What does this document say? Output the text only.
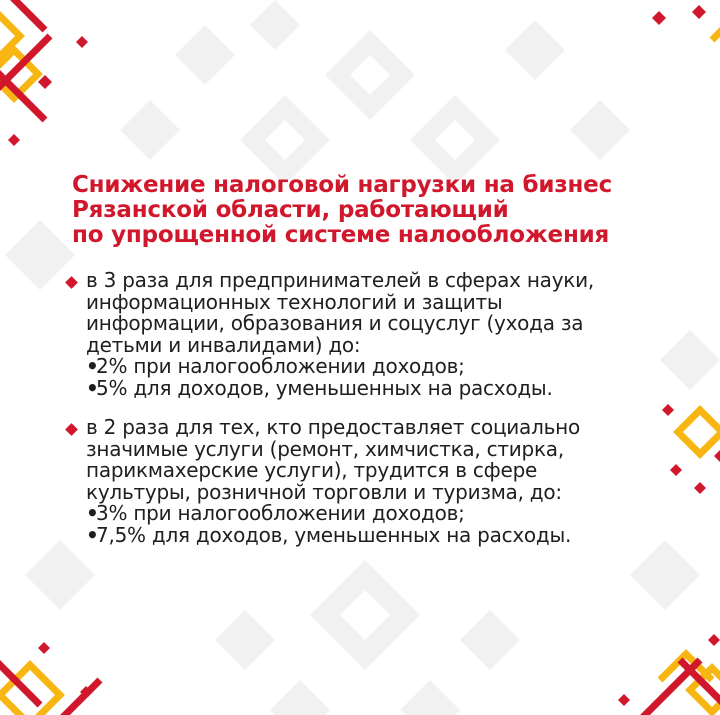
Снижение налоговой нагрузки на бизнес
Рязанской области, работающий
по упрощенной системе налообложения
в 3 раза для предпринимателей в сферах науки,
информационных технологий и защиты
информации, образования и соцуслуг (ухода за
детьми и инвалидами) до:
•2% при налогообложении доходов;
•5% для доходов, уменьшенных на расходы.
в 2 раза для тех, кто предоставляет социально
значимые услуги (ремонт, химчистка, стирка,
парикмахерские услуги), трудится в сфере
культуры, розничной торговли и туризма, до:
•3% при налогообложении доходов;
•7,5% для доходов, уменьшенных на расходы.
